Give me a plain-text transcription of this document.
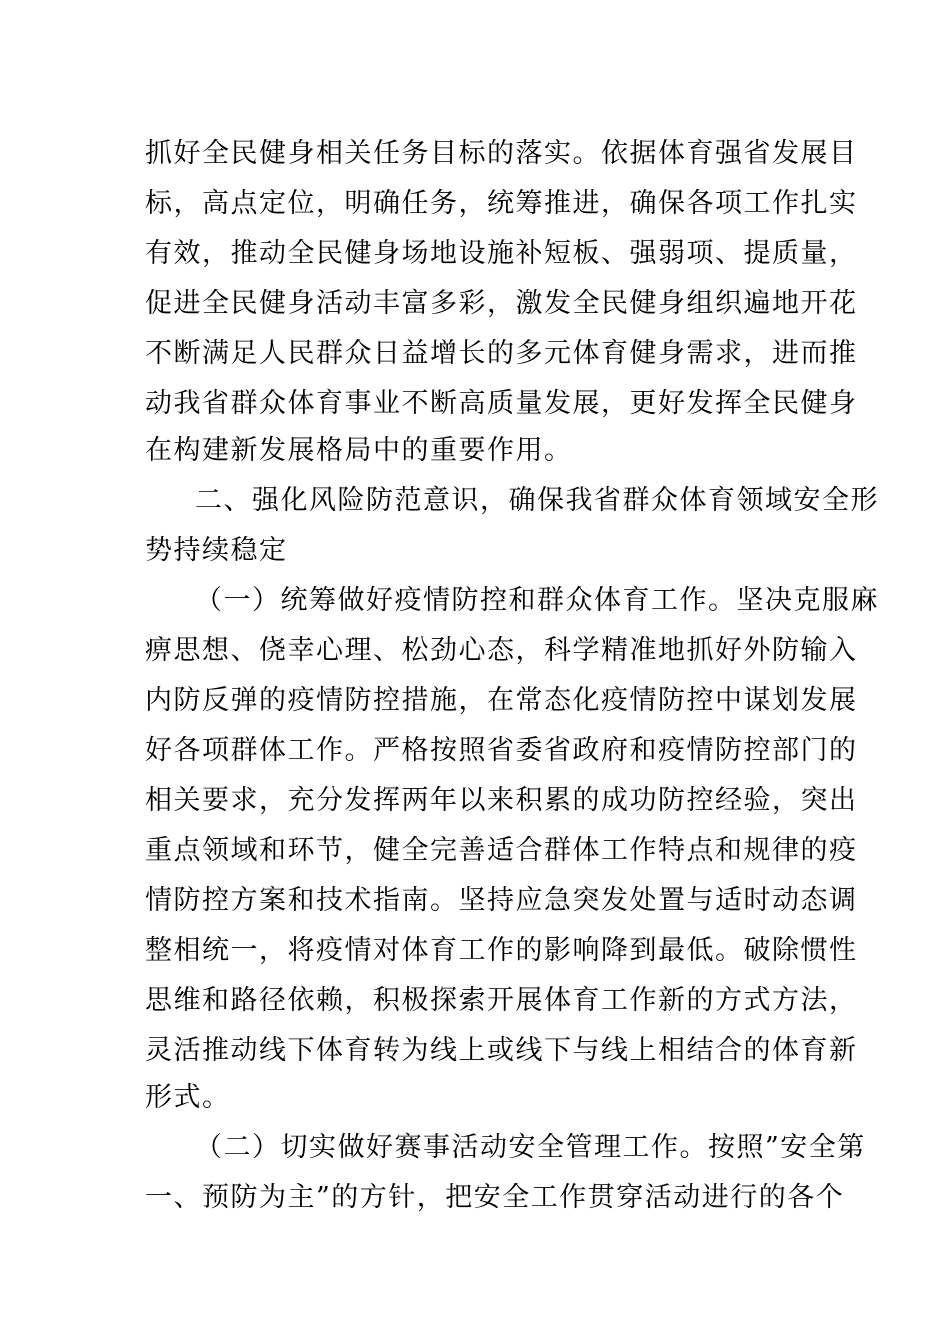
抓好全民健身相关任务目标的落实。依据体育强省发展目
标，高点定位，明确任务，统筹推进，确保各项工作扎实
有效，推动全民健身场地设施补短板、强弱项、提质量，
促进全民健身活动丰富多彩，激发全民健身组织遍地开花
不断满足人民群众日益增长的多元体育健身需求，进而推
动我省群众体育事业不断高质量发展，更好发挥全民健身
在构建新发展格局中的重要作用。
二、强化风险防范意识，确保我省群众体育领域安全形
势持续稳定
（一）统筹做好疫情防控和群众体育工作。坚决克服麻
痹思想、侥幸心理、松劲心态，科学精准地抓好外防输入
内防反弹的疫情防控措施，在常态化疫情防控中谋划发展
好各项群体工作。严格按照省委省政府和疫情防控部门的
相关要求，充分发挥两年以来积累的成功防控经验，突出
重点领域和环节，健全完善适合群体工作特点和规律的疫
情防控方案和技术指南。坚持应急突发处置与适时动态调
整相统一，将疫情对体育工作的影响降到最低。破除惯性
思维和路径依赖，积极探索开展体育工作新的方式方法，
灵活推动线下体育转为线上或线下与线上相结合的体育新
形式。
（二）切实做好赛事活动安全管理工作。按照”安全第
一、预防为主”的方针，把安全工作贯穿活动进行的各个
